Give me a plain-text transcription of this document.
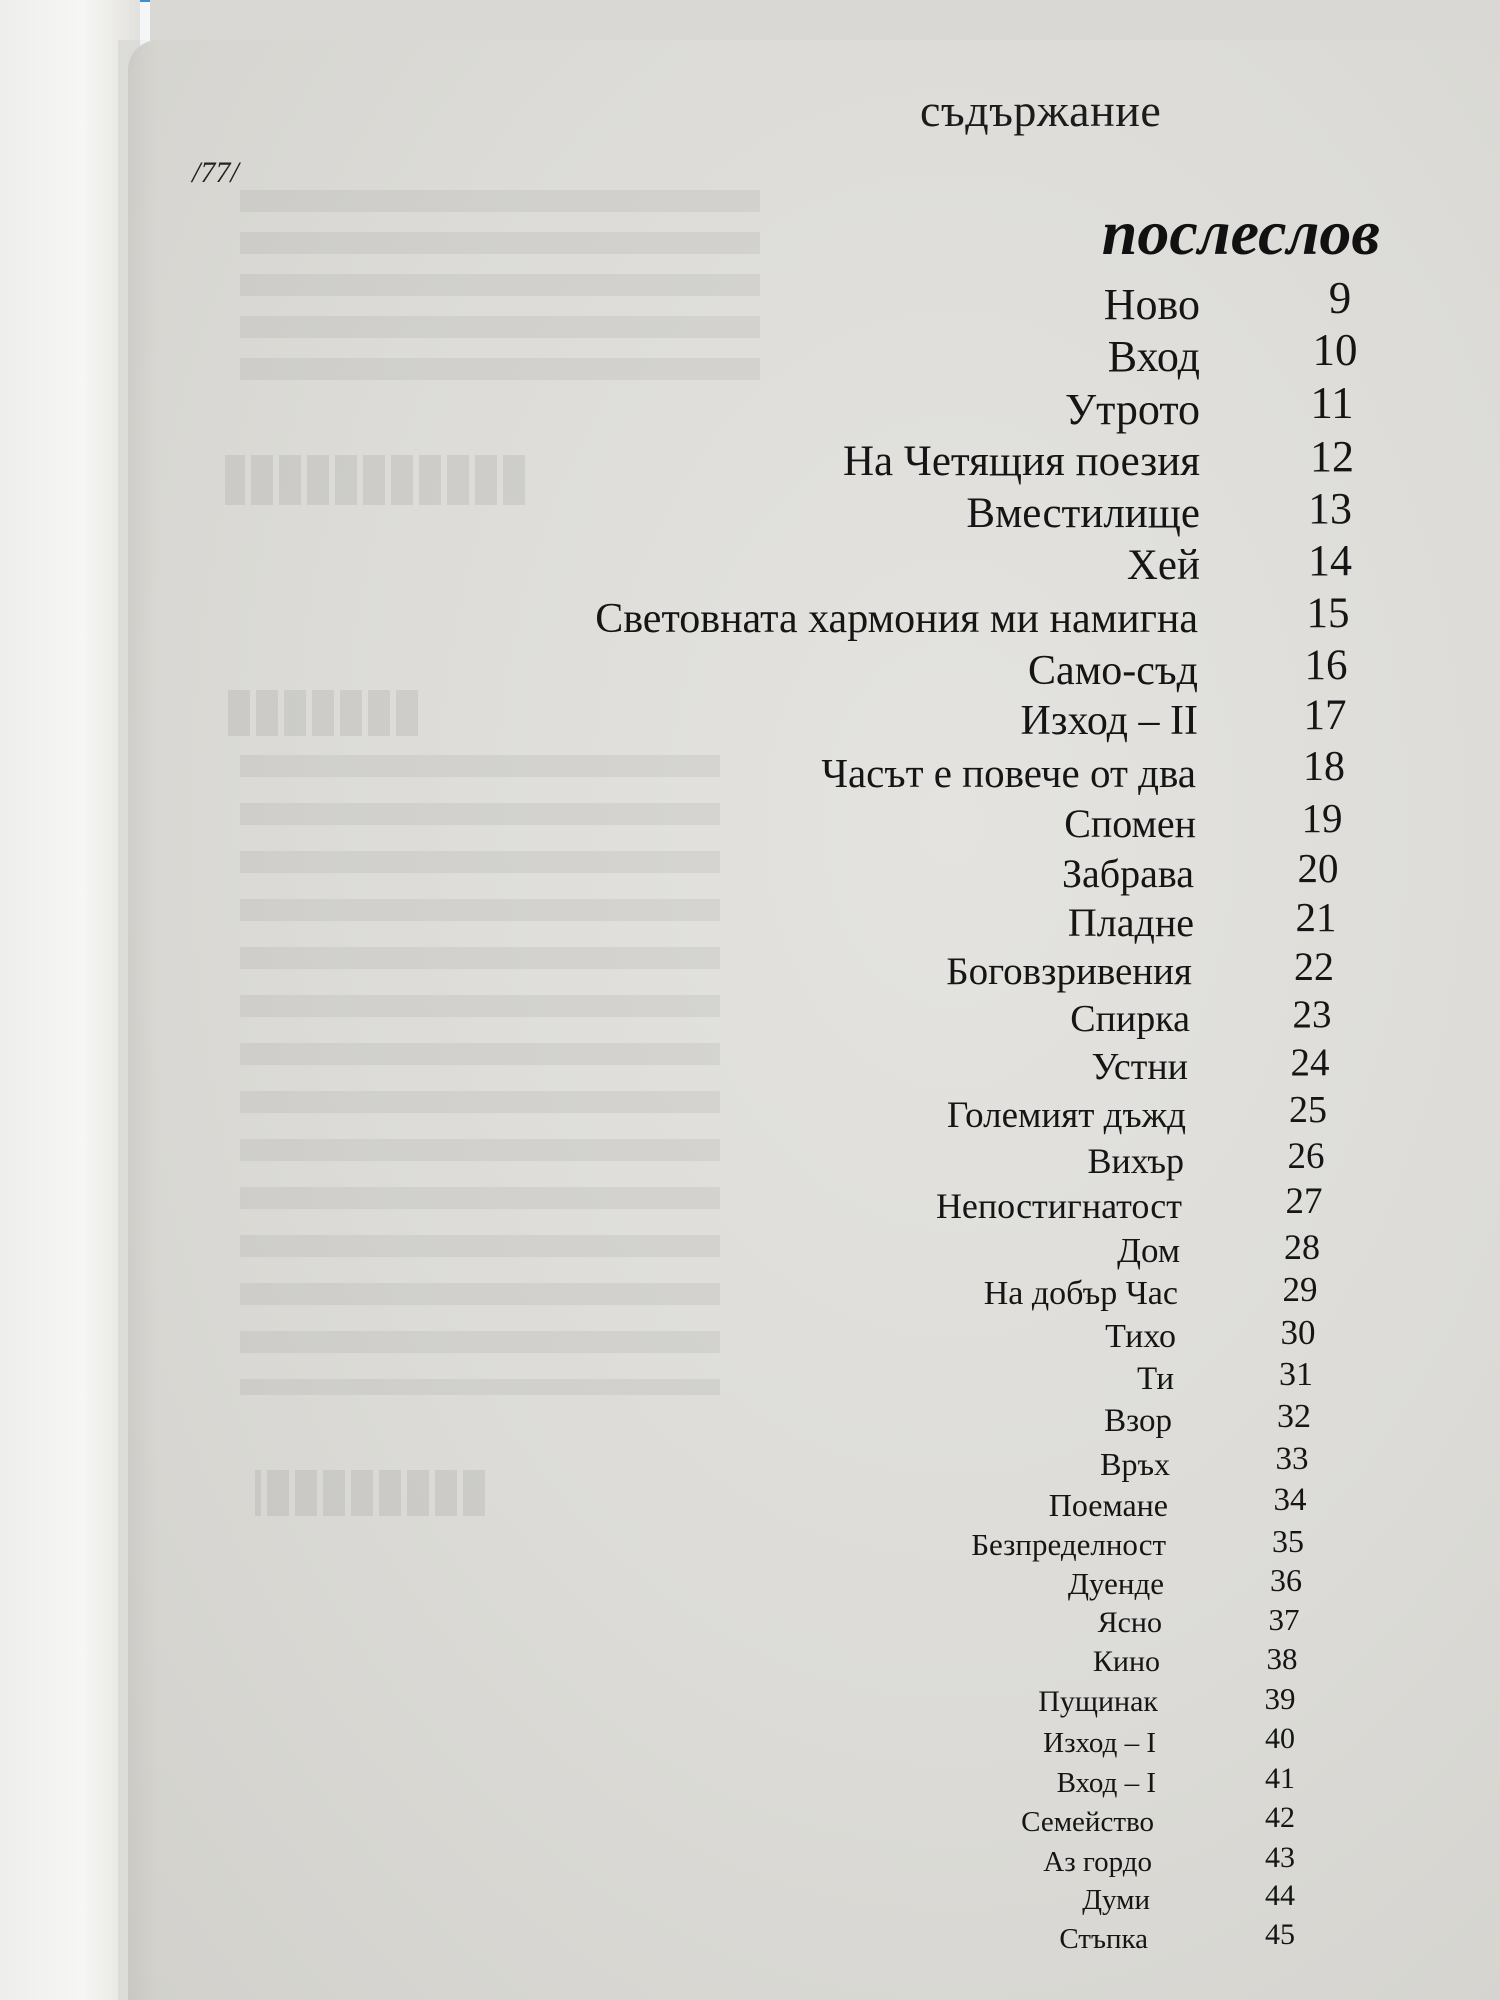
/77/
съдържание
послеслов
Ново	9
Вход	10
Утрото	11
На Четящия поезия	12
Вместилище	13
Хей	14
Световната хармония ми намигна	15
Само-съд	16
Изход – II	17
Часът е повече от два	18
Спомен	19
Забрава	20
Пладне	21
Боговзривения	22
Спирка	23
Устни	24
Големият дъжд	25
Вихър	26
Непостигнатост	27
Дом	28
На добър Час	29
Тихо	30
Ти	31
Взор	32
Връх	33
Поемане	34
Безпределност	35
Дуенде	36
Ясно	37
Кино	38
Пущинак	39
Изход – I	40
Вход – I	41
Семейство	42
Аз гордо	43
Думи	44
Стъпка	45
